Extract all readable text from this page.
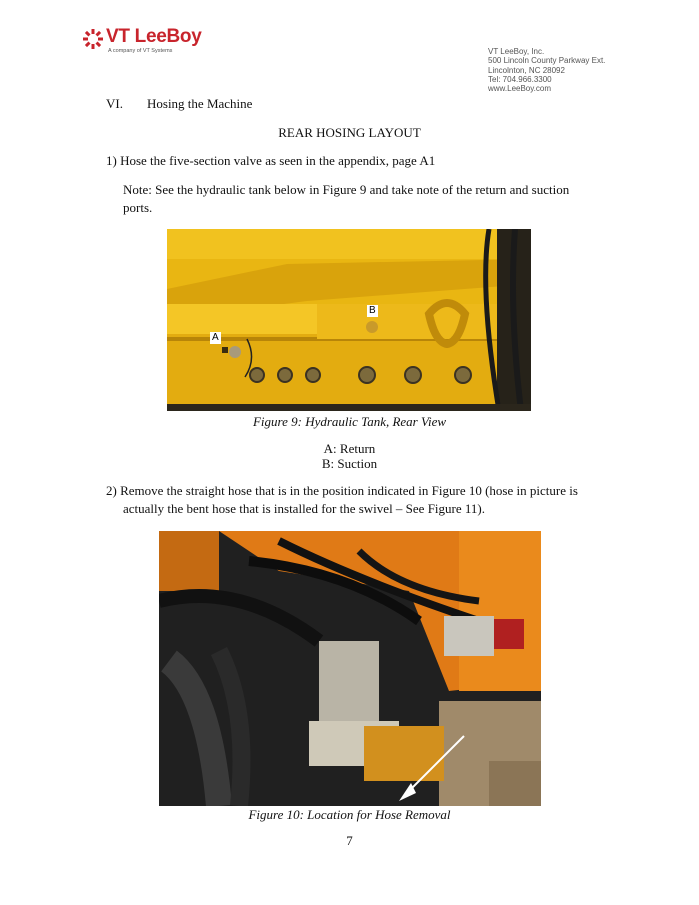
VT LeeBoy
A company of VT Systems	VT LeeBoy, Inc.
500 Lincoln County Parkway Ext.
Lincolnton, NC 28092
Tel: 704.966.3300
www.LeeBoy.com
VI. Hosing the Machine
REAR HOSING LAYOUT
1) Hose the five-section valve as seen in the appendix, page A1
Note: See the hydraulic tank below in Figure 9 and take note of the return and suction
ports.
A
B
Figure 9: Hydraulic Tank, Rear View
A: Return
B: Suction
2) Remove the straight hose that is in the position indicated in Figure 10 (hose in picture is
actually the bent hose that is installed for the swivel – See Figure 11).
Figure 10: Location for Hose Removal
7
